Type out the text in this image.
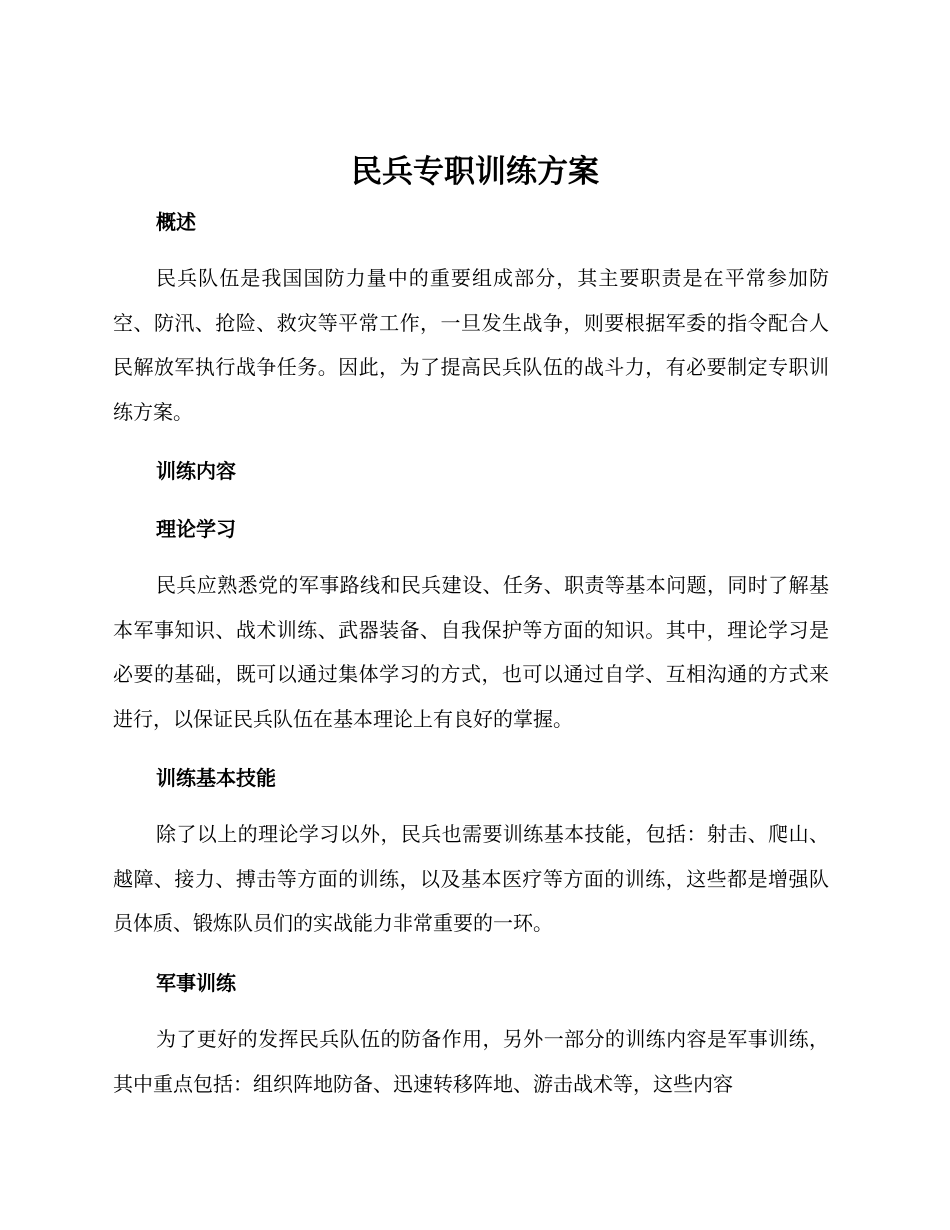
民兵专职训练方案
概述

民兵队伍是我国国防力量中的重要组成部分，其主要职责是在平常参加防空、防汛、抢险、救灾等平常工作，一旦发生战争，则要根据军委的指令配合人民解放军执行战争任务。因此，为了提高民兵队伍的战斗力，有必要制定专职训练方案。

训练内容
理论学习

民兵应熟悉党的军事路线和民兵建设、任务、职责等基本问题，同时了解基本军事知识、战术训练、武器装备、自我保护等方面的知识。其中，理论学习是必要的基础，既可以通过集体学习的方式，也可以通过自学、互相沟通的方式来进行，以保证民兵队伍在基本理论上有良好的掌握。

训练基本技能

除了以上的理论学习以外，民兵也需要训练基本技能，包括：射击、爬山、越障、接力、搏击等方面的训练，以及基本医疗等方面的训练，这些都是增强队员体质、锻炼队员们的实战能力非常重要的一环。

军事训练

为了更好的发挥民兵队伍的防备作用，另外一部分的训练内容是军事训练，其中重点包括：组织阵地防备、迅速转移阵地、游击战术等，这些内容
